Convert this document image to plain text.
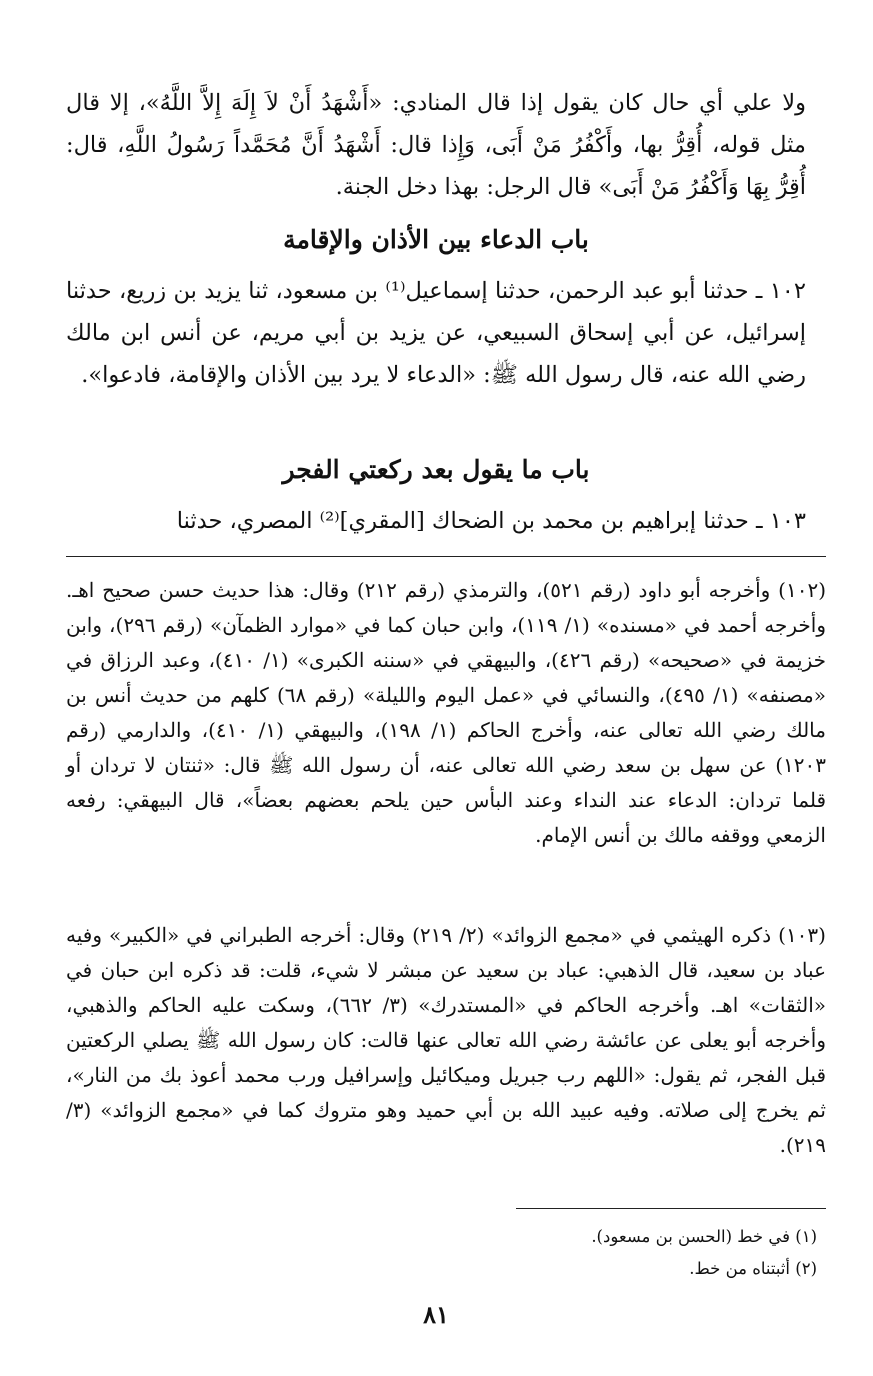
ولا علي أي حال كان يقول إذا قال المنادي: «أَشْهَدُ أَنْ لاَ إِلَهَ إِلاَّ اللَّهُ»، إلا قال مثل قوله، أُقِرُّ بها، وأَكْفُرُ مَنْ أَبَى، وَإِذا قال: أَشْهَدُ أَنَّ مُحَمَّداً رَسُولُ اللَّهِ، قال: أُقِرُّ بِهَا وَأَكْفُرُ مَنْ أَبَى» قال الرجل: بهذا دخل الجنة.

باب الدعاء بين الأذان والإقامة

١٠٢ ـ حدثنا أبو عبد الرحمن، حدثنا إسماعيل⁽¹⁾ بن مسعود، ثنا يزيد بن زريع، حدثنا إسرائيل، عن أبي إسحاق السبيعي، عن يزيد بن أبي مريم، عن أنس ابن مالك رضي الله عنه، قال رسول الله ﷺ: «الدعاء لا يرد بين الأذان والإقامة، فادعوا».

باب ما يقول بعد ركعتي الفجر

١٠٣ ـ حدثنا إبراهيم بن محمد بن الضحاك [المقري]⁽²⁾ المصري، حدثنا

(١٠٢) وأخرجه أبو داود (رقم ٥٢١)، والترمذي (رقم ٢١٢) وقال: هذا حديث حسن صحيح اهـ. وأخرجه أحمد في «مسنده» (١/ ١١٩)، وابن حبان كما في «موارد الظمآن» (رقم ٢٩٦)، وابن خزيمة في «صحيحه» (رقم ٤٢٦)، والبيهقي في «سننه الكبرى» (١/ ٤١٠)، وعبد الرزاق في «مصنفه» (١/ ٤٩٥)، والنسائي في «عمل اليوم والليلة» (رقم ٦٨) كلهم من حديث أنس بن مالك رضي الله تعالى عنه، وأخرج الحاكم (١/ ١٩٨)، والبيهقي (١/ ٤١٠)، والدارمي (رقم ١٢٠٣) عن سهل بن سعد رضي الله تعالى عنه، أن رسول الله ﷺ قال: «ثنتان لا تردان أو قلما تردان: الدعاء عند النداء وعند البأس حين يلحم بعضهم بعضاً»، قال البيهقي: رفعه الزمعي ووقفه مالك بن أنس الإمام.

(١٠٣) ذكره الهيثمي في «مجمع الزوائد» (٢/ ٢١٩) وقال: أخرجه الطبراني في «الكبير» وفيه عباد بن سعيد، قال الذهبي: عباد بن سعيد عن مبشر لا شيء، قلت: قد ذكره ابن حبان في «الثقات» اهـ. وأخرجه الحاكم في «المستدرك» (٣/ ٦٦٢)، وسكت عليه الحاكم والذهبي، وأخرجه أبو يعلى عن عائشة رضي الله تعالى عنها قالت: كان رسول الله ﷺ يصلي الركعتين قبل الفجر، ثم يقول: «اللهم رب جبريل وميكائيل وإسرافيل ورب محمد أعوذ بك من النار»، ثم يخرج إلى صلاته. وفيه عبيد الله بن أبي حميد وهو متروك كما في «مجمع الزوائد» (٣/ ٢١٩).

(١) في خط (الحسن بن مسعود).
(٢) أثبتناه من خط.
٨١
